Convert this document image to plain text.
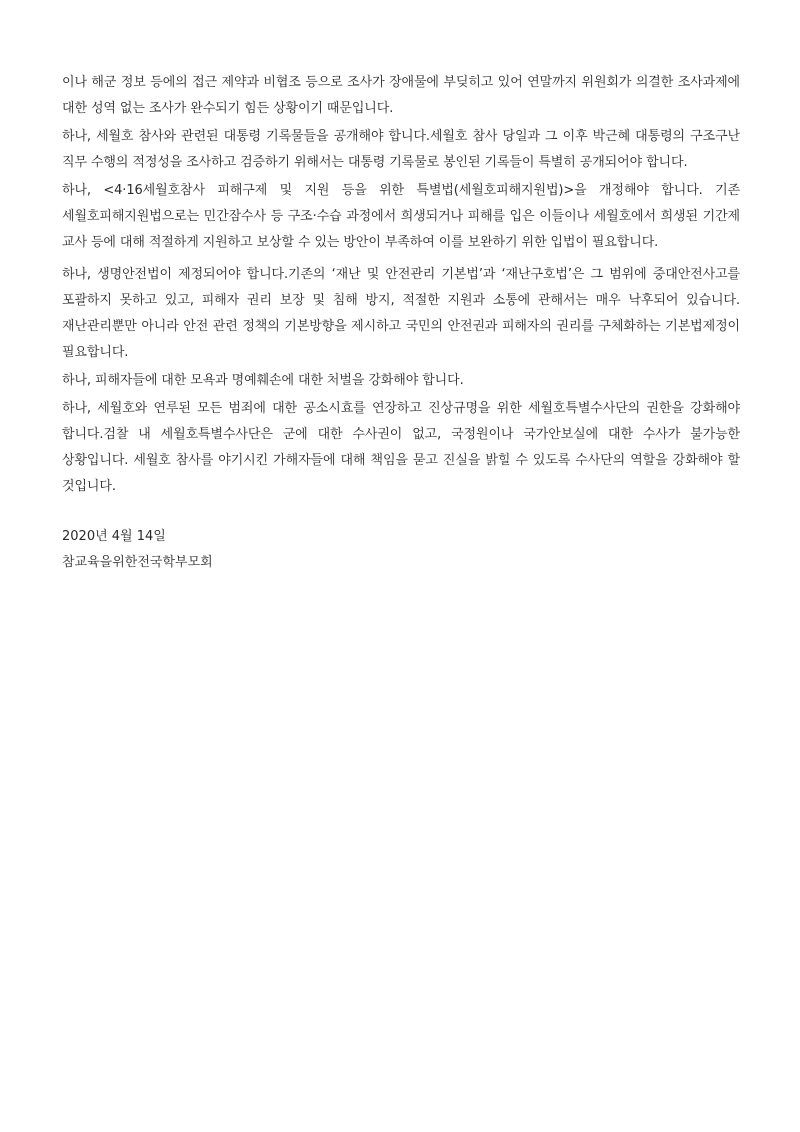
이나 해군 정보 등에의 접근 제약과 비협조 등으로 조사가 장애물에 부딪히고 있어 연말까지 위원회가 의결한 조사과제에 대한 성역 없는 조사가 완수되기 힘든 상황이기 때문입니다.

하나, 세월호 참사와 관련된 대통령 기록물들을 공개해야 합니다.세월호 참사 당일과 그 이후 박근혜 대통령의 구조구난 직무 수행의 적정성을 조사하고 검증하기 위해서는 대통령 기록물로 봉인된 기록들이 특별히 공개되어야 합니다.

하나, <4·16세월호참사 피해구제 및 지원 등을 위한 특별법(세월호피해지원법)>을 개정해야 합니다. 기존 세월호피해지원법으로는 민간잠수사 등 구조·수습 과정에서 희생되거나 피해를 입은 이들이나 세월호에서 희생된 기간제 교사 등에 대해 적절하게 지원하고 보상할 수 있는 방안이 부족하여 이를 보완하기 위한 입법이 필요합니다.

하나, 생명안전법이 제정되어야 합니다.기존의 ‘재난 및 안전관리 기본법’과 ‘재난구호법’은 그 범위에 중대안전사고를 포괄하지 못하고 있고, 피해자 권리 보장 및 침해 방지, 적절한 지원과 소통에 관해서는 매우 낙후되어 있습니다. 재난관리뿐만 아니라 안전 관련 정책의 기본방향을 제시하고 국민의 안전권과 피해자의 권리를 구체화하는 기본법제정이 필요합니다.

하나, 피해자들에 대한 모욕과 명예훼손에 대한 처벌을 강화해야 합니다.

하나, 세월호와 연루된 모든 범죄에 대한 공소시효를 연장하고 진상규명을 위한 세월호특별수사단의 권한을 강화해야 합니다.검찰 내 세월호특별수사단은 군에 대한 수사권이 없고, 국정원이나 국가안보실에 대한 수사가 불가능한 상황입니다. 세월호 참사를 야기시킨 가해자들에 대해 책임을 묻고 진실을 밝힐 수 있도록 수사단의 역할을 강화해야 할 것입니다.

2020년 4월 14일

참교육을위한전국학부모회
